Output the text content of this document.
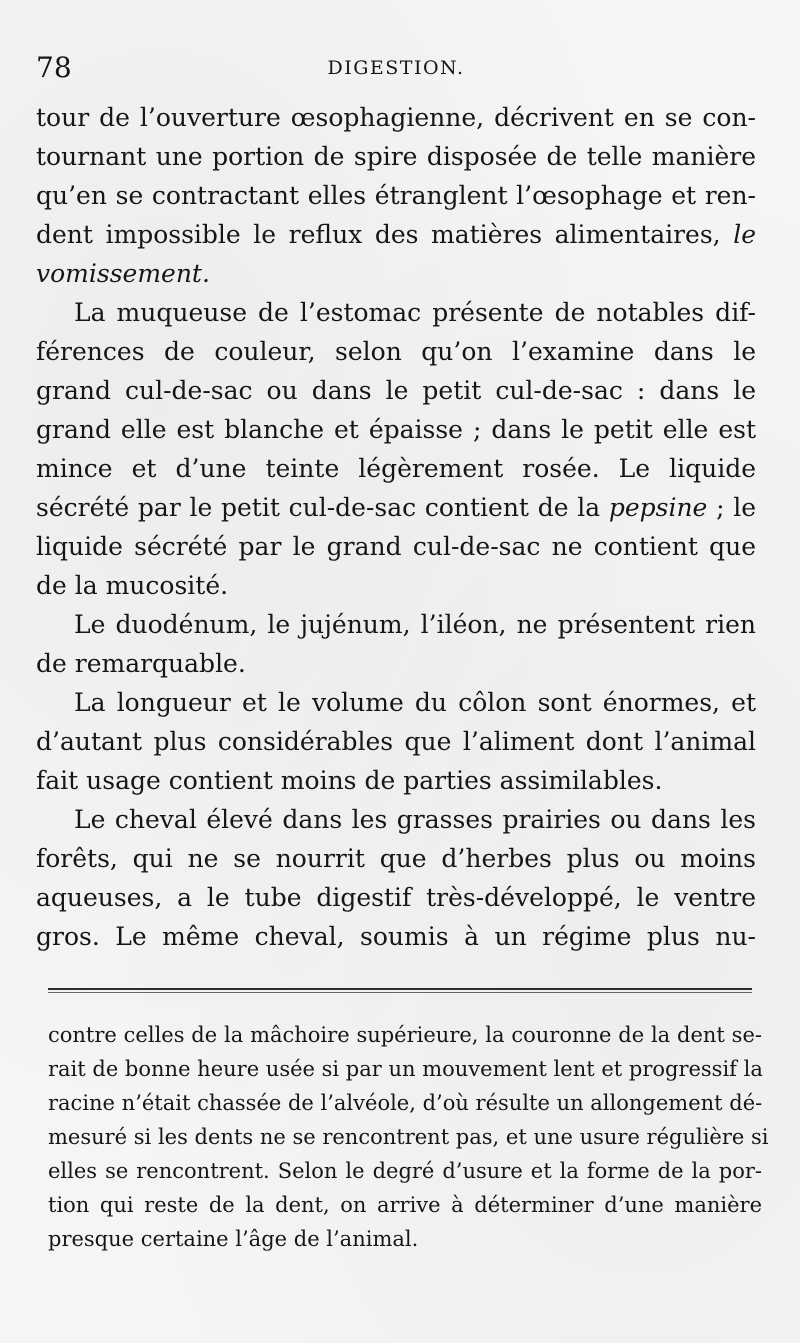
78	DIGESTION.
tour de l’ouverture œsophagienne, décrivent en se con-
tournant une portion de spire disposée de telle manière
qu’en se contractant elles étranglent l’œsophage et ren-
dent impossible le reflux des matières alimentaires, le
vomissement.
La muqueuse de l’estomac présente de notables dif-
férences de couleur, selon qu’on l’examine dans le
grand cul-de-sac ou dans le petit cul-de-sac : dans le
grand elle est blanche et épaisse ; dans le petit elle est
mince et d’une teinte légèrement rosée. Le liquide
sécrété par le petit cul-de-sac contient de la pepsine ; le
liquide sécrété par le grand cul-de-sac ne contient que
de la mucosité.
Le duodénum, le jujénum, l’iléon, ne présentent rien
de remarquable.
La longueur et le volume du côlon sont énormes, et
d’autant plus considérables que l’aliment dont l’animal
fait usage contient moins de parties assimilables.
Le cheval élevé dans les grasses prairies ou dans les
forêts, qui ne se nourrit que d’herbes plus ou moins
aqueuses, a le tube digestif très-développé, le ventre
gros. Le même cheval, soumis à un régime plus nu-
contre celles de la mâchoire supérieure, la couronne de la dent se-
rait de bonne heure usée si par un mouvement lent et progressif la
racine n’était chassée de l’alvéole, d’où résulte un allongement dé-
mesuré si les dents ne se rencontrent pas, et une usure régulière si
elles se rencontrent. Selon le degré d’usure et la forme de la por-
tion qui reste de la dent, on arrive à déterminer d’une manière
presque certaine l’âge de l’animal.
